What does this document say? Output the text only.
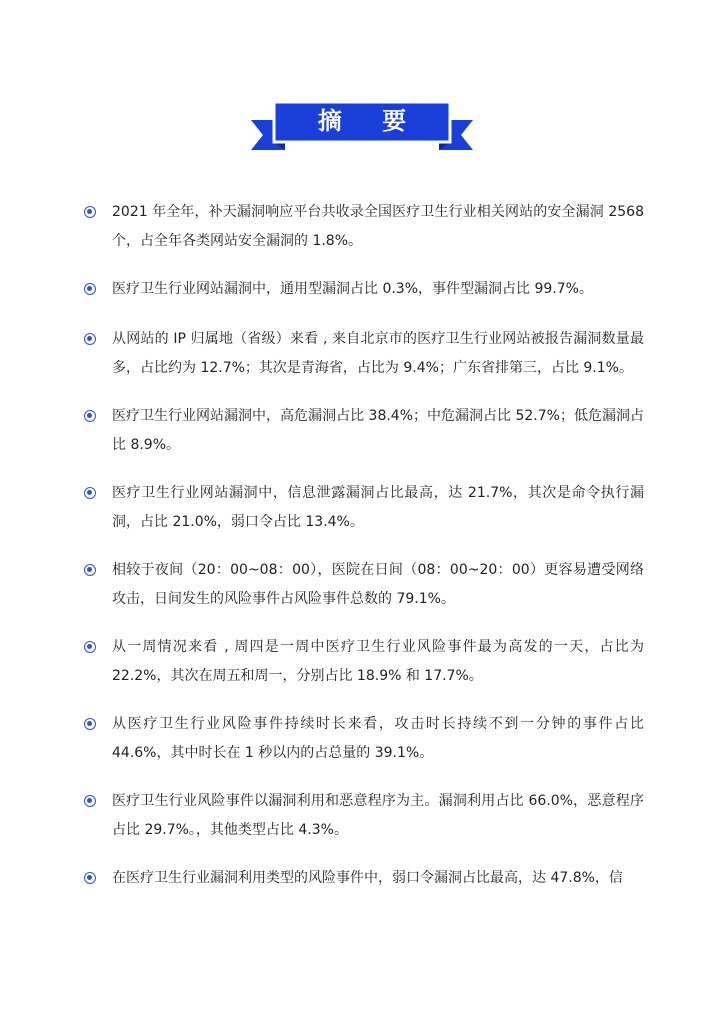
摘 要
2021 年全年，补天漏洞响应平台共收录全国医疗卫生行业相关网站的安全漏洞 2568 个，占全年各类网站安全漏洞的 1.8%。
医疗卫生行业网站漏洞中，通用型漏洞占比 0.3%，事件型漏洞占比 99.7%。
从网站的 IP 归属地（省级）来看 , 来自北京市的医疗卫生行业网站被报告漏洞数量最多，占比约为 12.7%；其次是青海省，占比为 9.4%；广东省排第三，占比 9.1%。
医疗卫生行业网站漏洞中，高危漏洞占比 38.4%；中危漏洞占比 52.7%；低危漏洞占比 8.9%。
医疗卫生行业网站漏洞中，信息泄露漏洞占比最高，达 21.7%，其次是命令执行漏洞，占比 21.0%，弱口令占比 13.4%。
相较于夜间（20：00~08：00），医院在日间（08：00~20：00）更容易遭受网络攻击，日间发生的风险事件占风险事件总数的 79.1%。
从一周情况来看 , 周四是一周中医疗卫生行业风险事件最为高发的一天，占比为 22.2%，其次在周五和周一，分别占比 18.9% 和 17.7%。
从医疗卫生行业风险事件持续时长来看，攻击时长持续不到一分钟的事件占比 44.6%，其中时长在 1 秒以内的占总量的 39.1%。
医疗卫生行业风险事件以漏洞利用和恶意程序为主。漏洞利用占比 66.0%，恶意程序占比 29.7%。，其他类型占比 4.3%。
在医疗卫生行业漏洞利用类型的风险事件中，弱口令漏洞占比最高，达 47.8%，信
